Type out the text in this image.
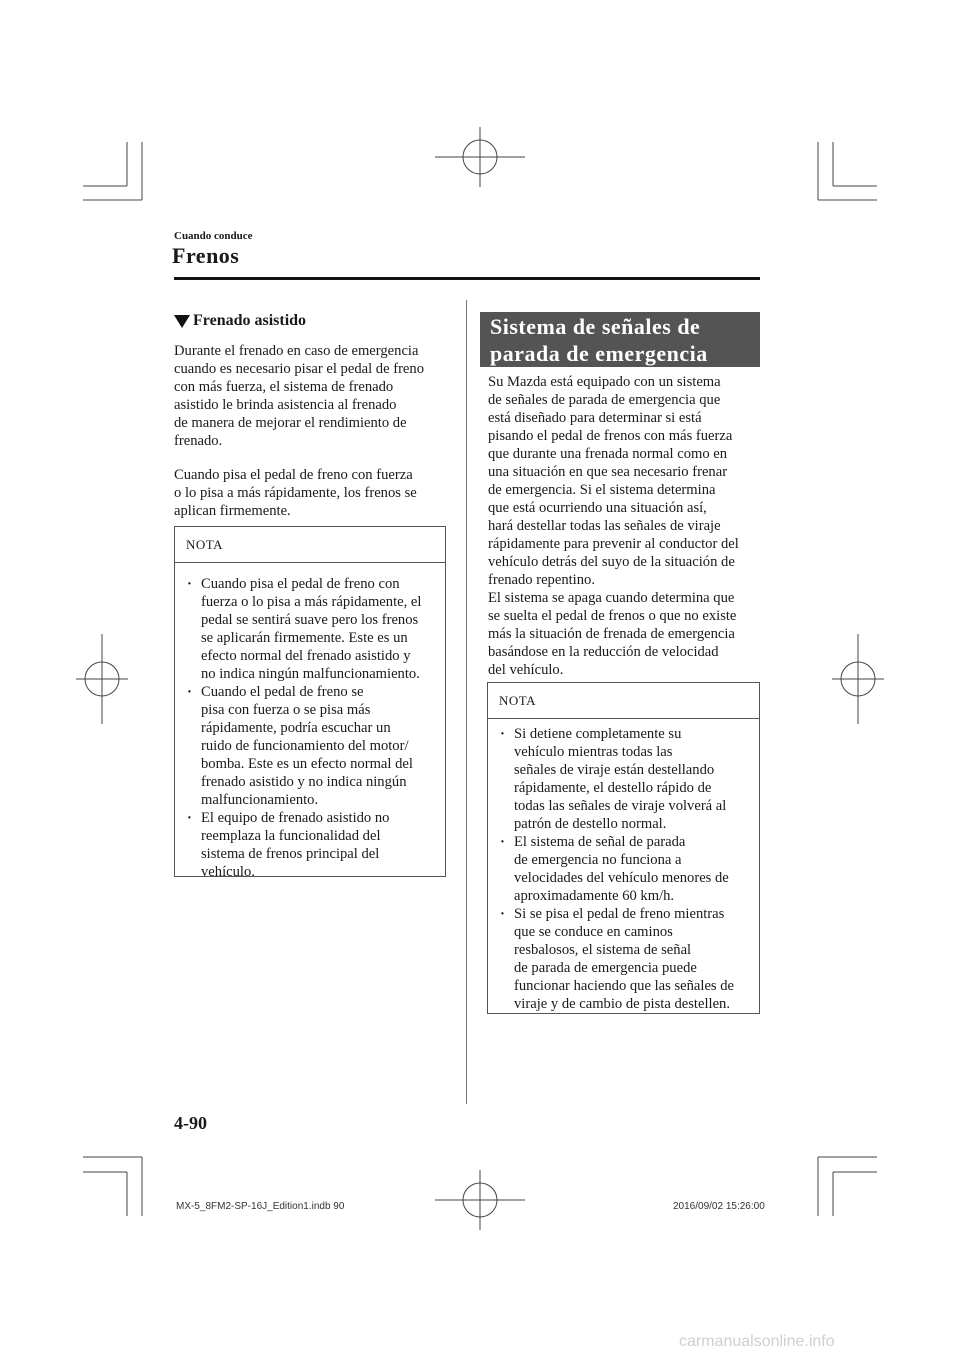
Cuando conduce
Frenos
Frenado asistido
Durante el frenado en caso de emergencia
cuando es necesario pisar el pedal de freno
con más fuerza, el sistema de frenado
asistido le brinda asistencia al frenado
de manera de mejorar el rendimiento de
frenado.
Cuando pisa el pedal de freno con fuerza
o lo pisa a más rápidamente, los frenos se
aplican firmemente.
NOTA
· Cuando pisa el pedal de freno con
fuerza o lo pisa a más rápidamente, el
pedal se sentirá suave pero los frenos
se aplicarán firmemente. Este es un
efecto normal del frenado asistido y
no indica ningún malfuncionamiento.
· Cuando el pedal de freno se
pisa con fuerza o se pisa más
rápidamente, podría escuchar un
ruido de funcionamiento del motor/
bomba. Este es un efecto normal del
frenado asistido y no indica ningún
malfuncionamiento.
· El equipo de frenado asistido no
reemplaza la funcionalidad del
sistema de frenos principal del
vehículo.
Sistema de señales de
parada de emergencia
Su Mazda está equipado con un sistema
de señales de parada de emergencia que
está diseñado para determinar si está
pisando el pedal de frenos con más fuerza
que durante una frenada normal como en
una situación en que sea necesario frenar
de emergencia. Si el sistema determina
que está ocurriendo una situación así,
hará destellar todas las señales de viraje
rápidamente para prevenir al conductor del
vehículo detrás del suyo de la situación de
frenado repentino.
El sistema se apaga cuando determina que
se suelta el pedal de frenos o que no existe
más la situación de frenada de emergencia
basándose en la reducción de velocidad
del vehículo.
NOTA
· Si detiene completamente su
vehículo mientras todas las
señales de viraje están destellando
rápidamente, el destello rápido de
todas las señales de viraje volverá al
patrón de destello normal.
· El sistema de señal de parada
de emergencia no funciona a
velocidades del vehículo menores de
aproximadamente 60 km/h.
· Si se pisa el pedal de freno mientras
que se conduce en caminos
resbalosos, el sistema de señal
de parada de emergencia puede
funcionar haciendo que las señales de
viraje y de cambio de pista destellen.
4-90
MX-5_8FM2-SP-16J_Edition1.indb 90	2016/09/02 15:26:00
carmanualsonline.info
